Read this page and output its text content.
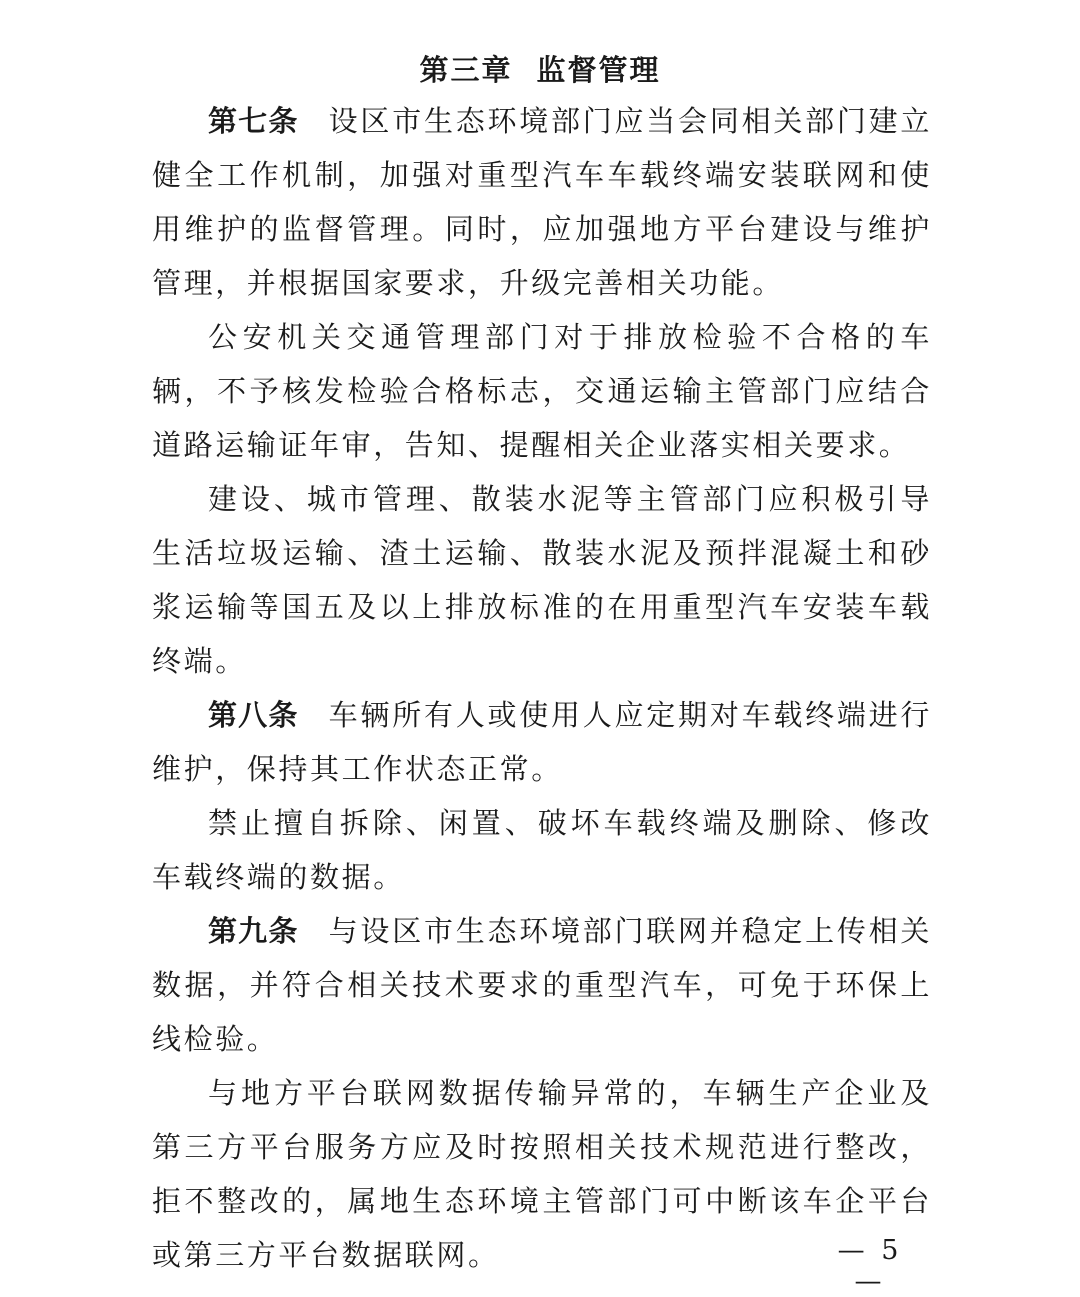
第三章 监督管理

第七条 设区市生态环境部门应当会同相关部门建立健全工作机制，加强对重型汽车车载终端安装联网和使用维护的监督管理。同时，应加强地方平台建设与维护管理，并根据国家要求，升级完善相关功能。

公安机关交通管理部门对于排放检验不合格的车辆，不予核发检验合格标志，交通运输主管部门应结合道路运输证年审，告知、提醒相关企业落实相关要求。

建设、城市管理、散装水泥等主管部门应积极引导生活垃圾运输、渣土运输、散装水泥及预拌混凝土和砂浆运输等国五及以上排放标准的在用重型汽车安装车载终端。

第八条 车辆所有人或使用人应定期对车载终端进行维护，保持其工作状态正常。

禁止擅自拆除、闲置、破坏车载终端及删除、修改车载终端的数据。

第九条 与设区市生态环境部门联网并稳定上传相关数据，并符合相关技术要求的重型汽车，可免于环保上线检验。

与地方平台联网数据传输异常的，车辆生产企业及第三方平台服务方应及时按照相关技术规范进行整改，拒不整改的，属地生态环境主管部门可中断该车企平台或第三方平台数据联网。	— 5 —
